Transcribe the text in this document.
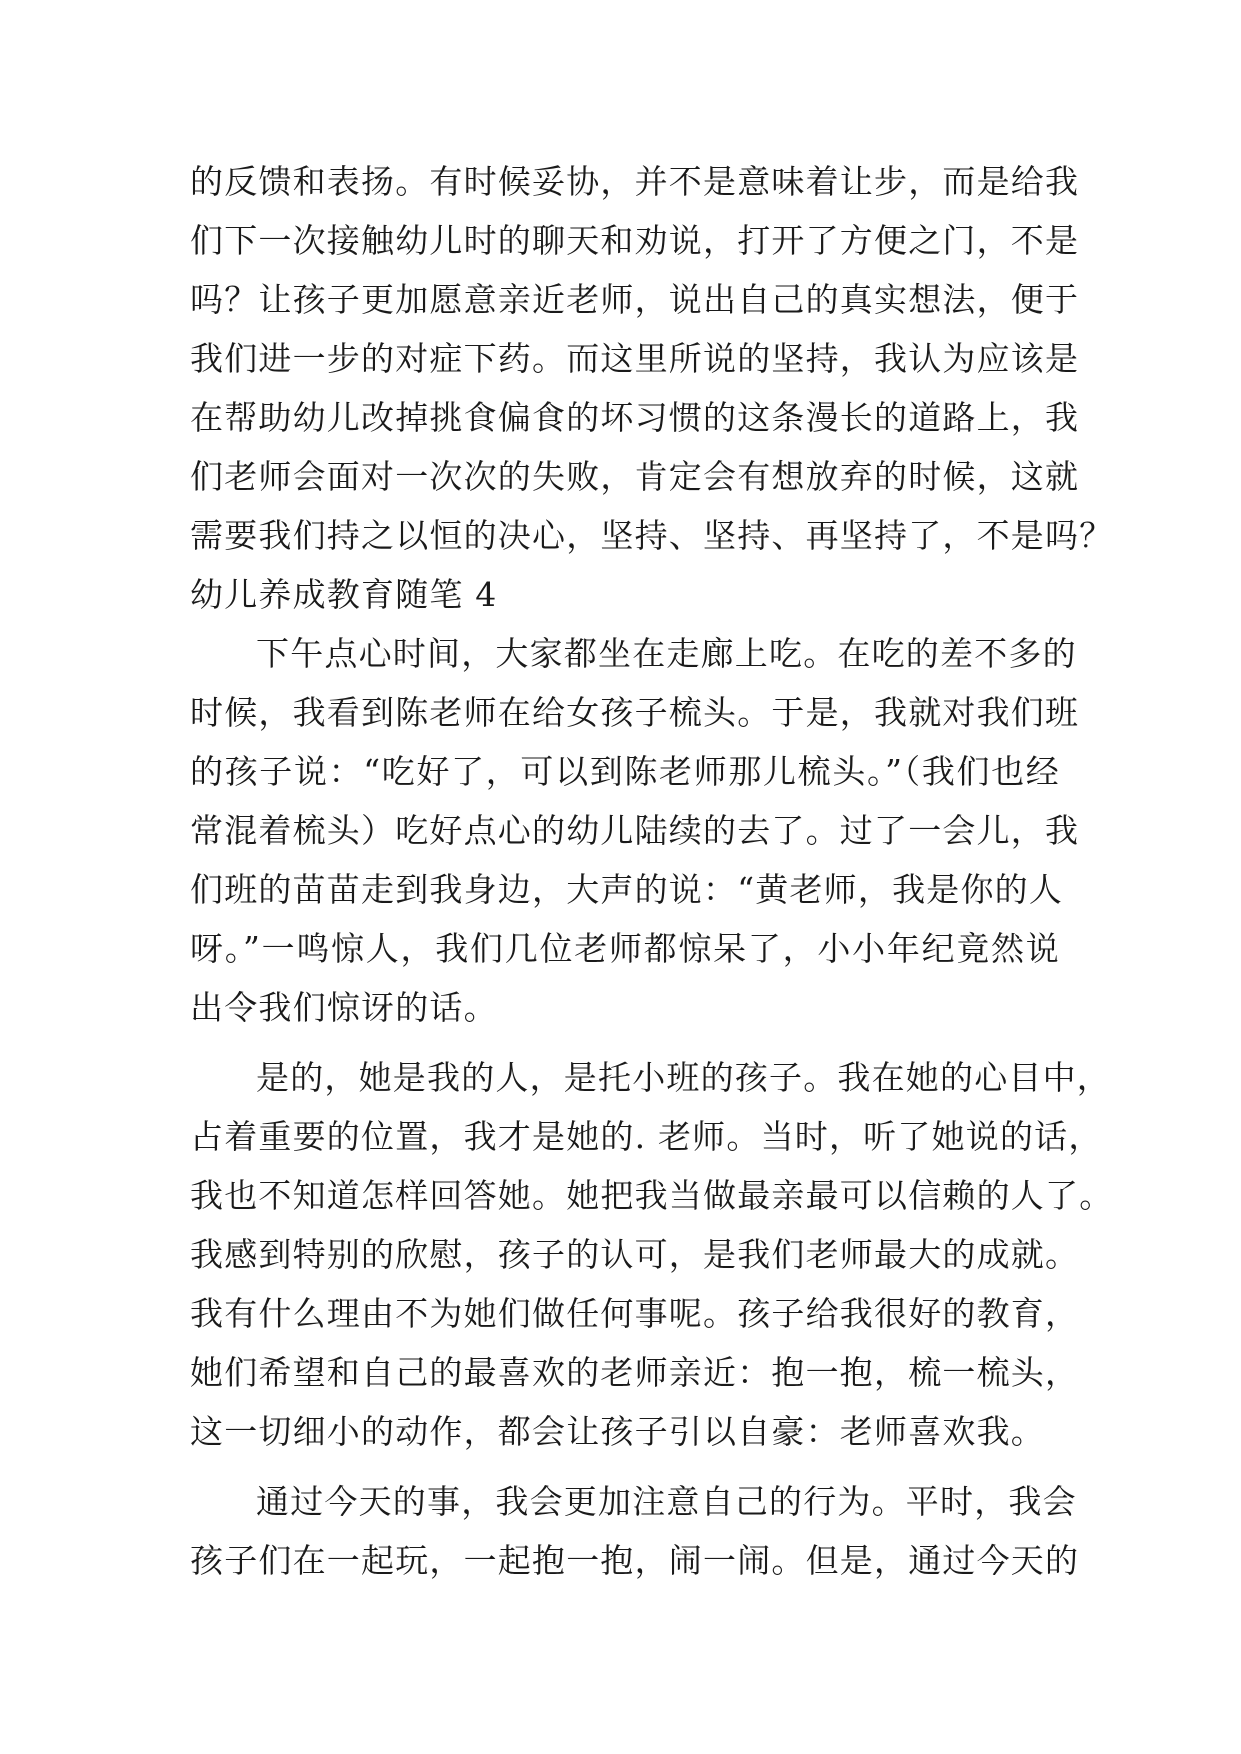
的反馈和表扬。有时候妥协，并不是意味着让步，而是给我
们下一次接触幼儿时的聊天和劝说，打开了方便之门，不是
吗？让孩子更加愿意亲近老师，说出自己的真实想法，便于
我们进一步的对症下药。而这里所说的坚持，我认为应该是
在帮助幼儿改掉挑食偏食的坏习惯的这条漫长的道路上，我
们老师会面对一次次的失败，肯定会有想放弃的时候，这就
需要我们持之以恒的决心，坚持、坚持、再坚持了，不是吗？
幼儿养成教育随笔 4
下午点心时间，大家都坐在走廊上吃。在吃的差不多的
时候，我看到陈老师在给女孩子梳头。于是，我就对我们班
的孩子说：“吃好了，可以到陈老师那儿梳头。”（我们也经
常混着梳头）吃好点心的幼儿陆续的去了。过了一会儿，我
们班的苗苗走到我身边，大声的说：“黄老师，我是你的人
呀。”一鸣惊人，我们几位老师都惊呆了，小小年纪竟然说
出令我们惊讶的话。
是的，她是我的人，是托小班的孩子。我在她的心目中，
占着重要的位置，我才是她的. 老师。当时，听了她说的话，
我也不知道怎样回答她。她把我当做最亲最可以信赖的人了。
我感到特别的欣慰，孩子的认可，是我们老师最大的成就。
我有什么理由不为她们做任何事呢。孩子给我很好的教育，
她们希望和自己的最喜欢的老师亲近：抱一抱，梳一梳头，
这一切细小的动作，都会让孩子引以自豪：老师喜欢我。
通过今天的事，我会更加注意自己的行为。平时，我会
孩子们在一起玩，一起抱一抱，闹一闹。但是，通过今天的
